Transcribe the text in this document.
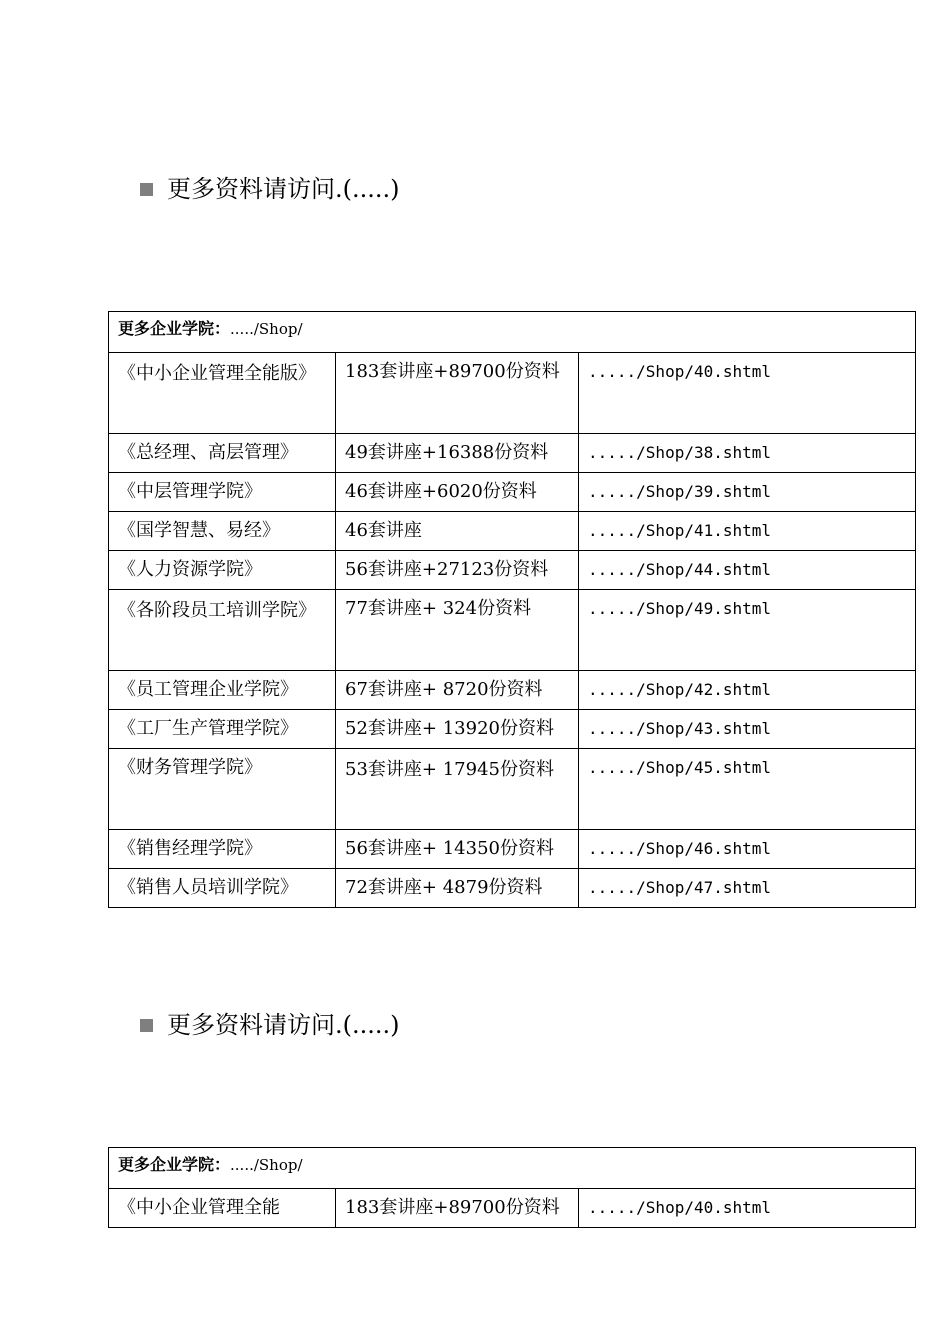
更多资料请访问.(.....)
更多企业学院：...../Shop/		
《中小企业管理全能版》	183套讲座+89700份资料	...../Shop/40.shtml
《总经理、高层管理》	49套讲座+16388份资料	...../Shop/38.shtml
《中层管理学院》	46套讲座+6020份资料	...../Shop/39.shtml
《国学智慧、易经》	46套讲座	...../Shop/41.shtml
《人力资源学院》	56套讲座+27123份资料	...../Shop/44.shtml
《各阶段员工培训学院》	77套讲座+ 324份资料	...../Shop/49.shtml
《员工管理企业学院》	67套讲座+ 8720份资料	...../Shop/42.shtml
《工厂生产管理学院》	52套讲座+ 13920份资料	...../Shop/43.shtml
《财务管理学院》	53套讲座+ 17945份资料	...../Shop/45.shtml
《销售经理学院》	56套讲座+ 14350份资料	...../Shop/46.shtml
《销售人员培训学院》	72套讲座+ 4879份资料	...../Shop/47.shtml
更多资料请访问.(.....)
更多企业学院：...../Shop/
《中小企业管理全能	183套讲座+89700份资料	...../Shop/40.shtml
